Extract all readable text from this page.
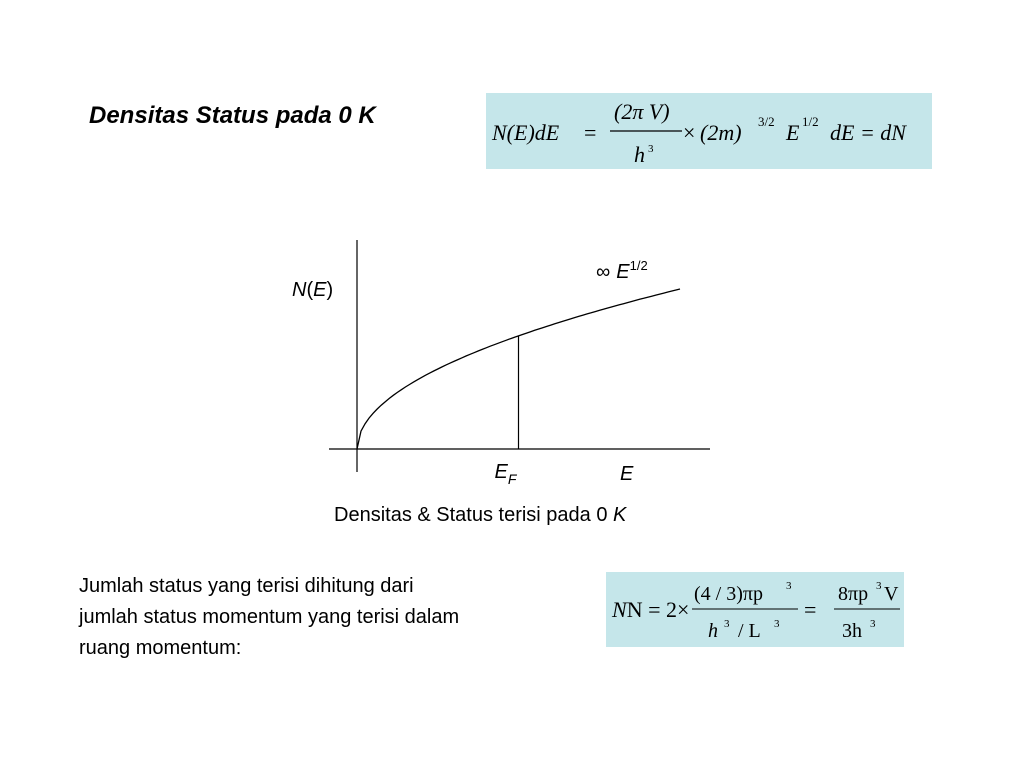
Densitas Status pada 0 K
N(E)dE =
(2π V)
h 3
× (2m) 3/2 E 1/2 dE = dN
N(E)
∞ $E^{1/2}$
$E_F$	E
Densitas & Status terisi pada 0 K
Jumlah status yang terisi dihitung dari
jumlah status momentum yang terisi dalam
ruang momentum:
NN = 2×
(4 / 3)πp 3
h 3 / L 3
=
8πp 3 V
3h 3
